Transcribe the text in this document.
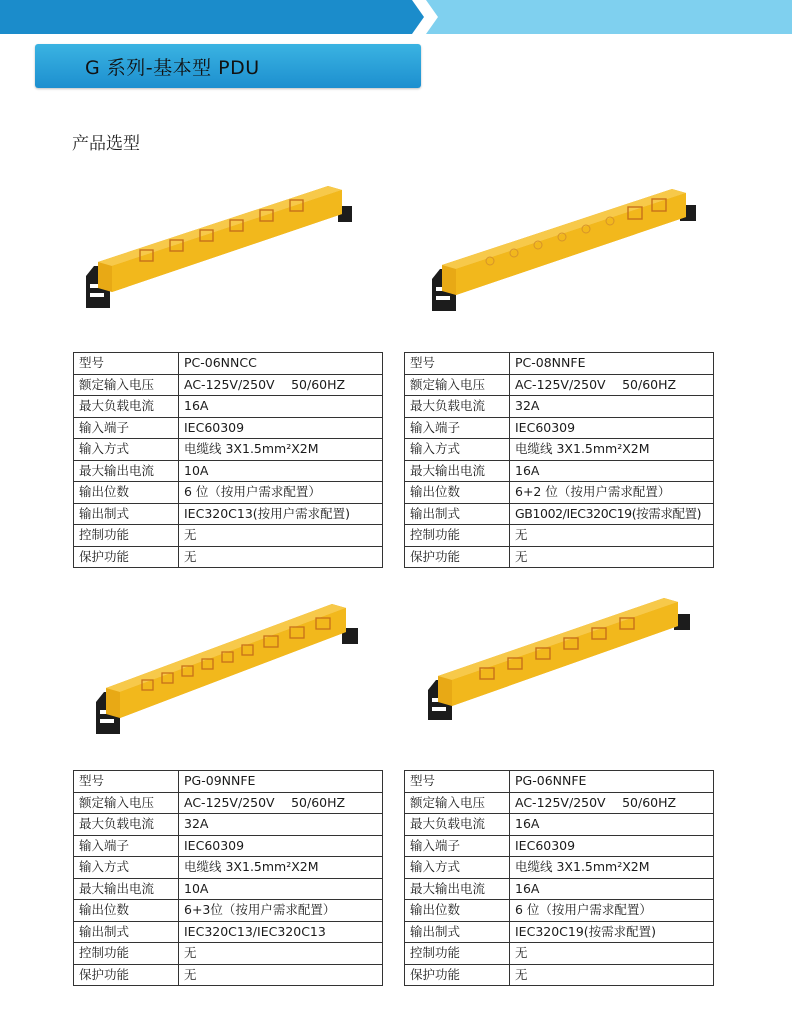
G 系列-基本型 PDU
产品选型
型号	PC-06NNCC
额定输入电压	AC-125V/250V　 50/60HZ
最大负载电流	16A
输入端子	IEC60309
输入方式	电缆线 3X1.5mm²X2M
最大输出电流	10A
输出位数	6 位（按用户需求配置）
输出制式	IEC320C13(按用户需求配置)
控制功能	无
保护功能	无
型号	PC-08NNFE
额定输入电压	AC-125V/250V　 50/60HZ
最大负载电流	32A
输入端子	IEC60309
输入方式	电缆线 3X1.5mm²X2M
最大输出电流	16A
输出位数	6+2 位（按用户需求配置）
输出制式	GB1002/IEC320C19(按需求配置)
控制功能	无
保护功能	无
型号	PG-09NNFE
额定输入电压	AC-125V/250V　 50/60HZ
最大负载电流	32A
输入端子	IEC60309
输入方式	电缆线 3X1.5mm²X2M
最大输出电流	10A
输出位数	6+3位（按用户需求配置）
输出制式	IEC320C13/IEC320C13
控制功能	无
保护功能	无
型号	PG-06NNFE
额定输入电压	AC-125V/250V　 50/60HZ
最大负载电流	16A
输入端子	IEC60309
输入方式	电缆线 3X1.5mm²X2M
最大输出电流	16A
输出位数	6 位（按用户需求配置）
输出制式	IEC320C19(按需求配置)
控制功能	无
保护功能	无
